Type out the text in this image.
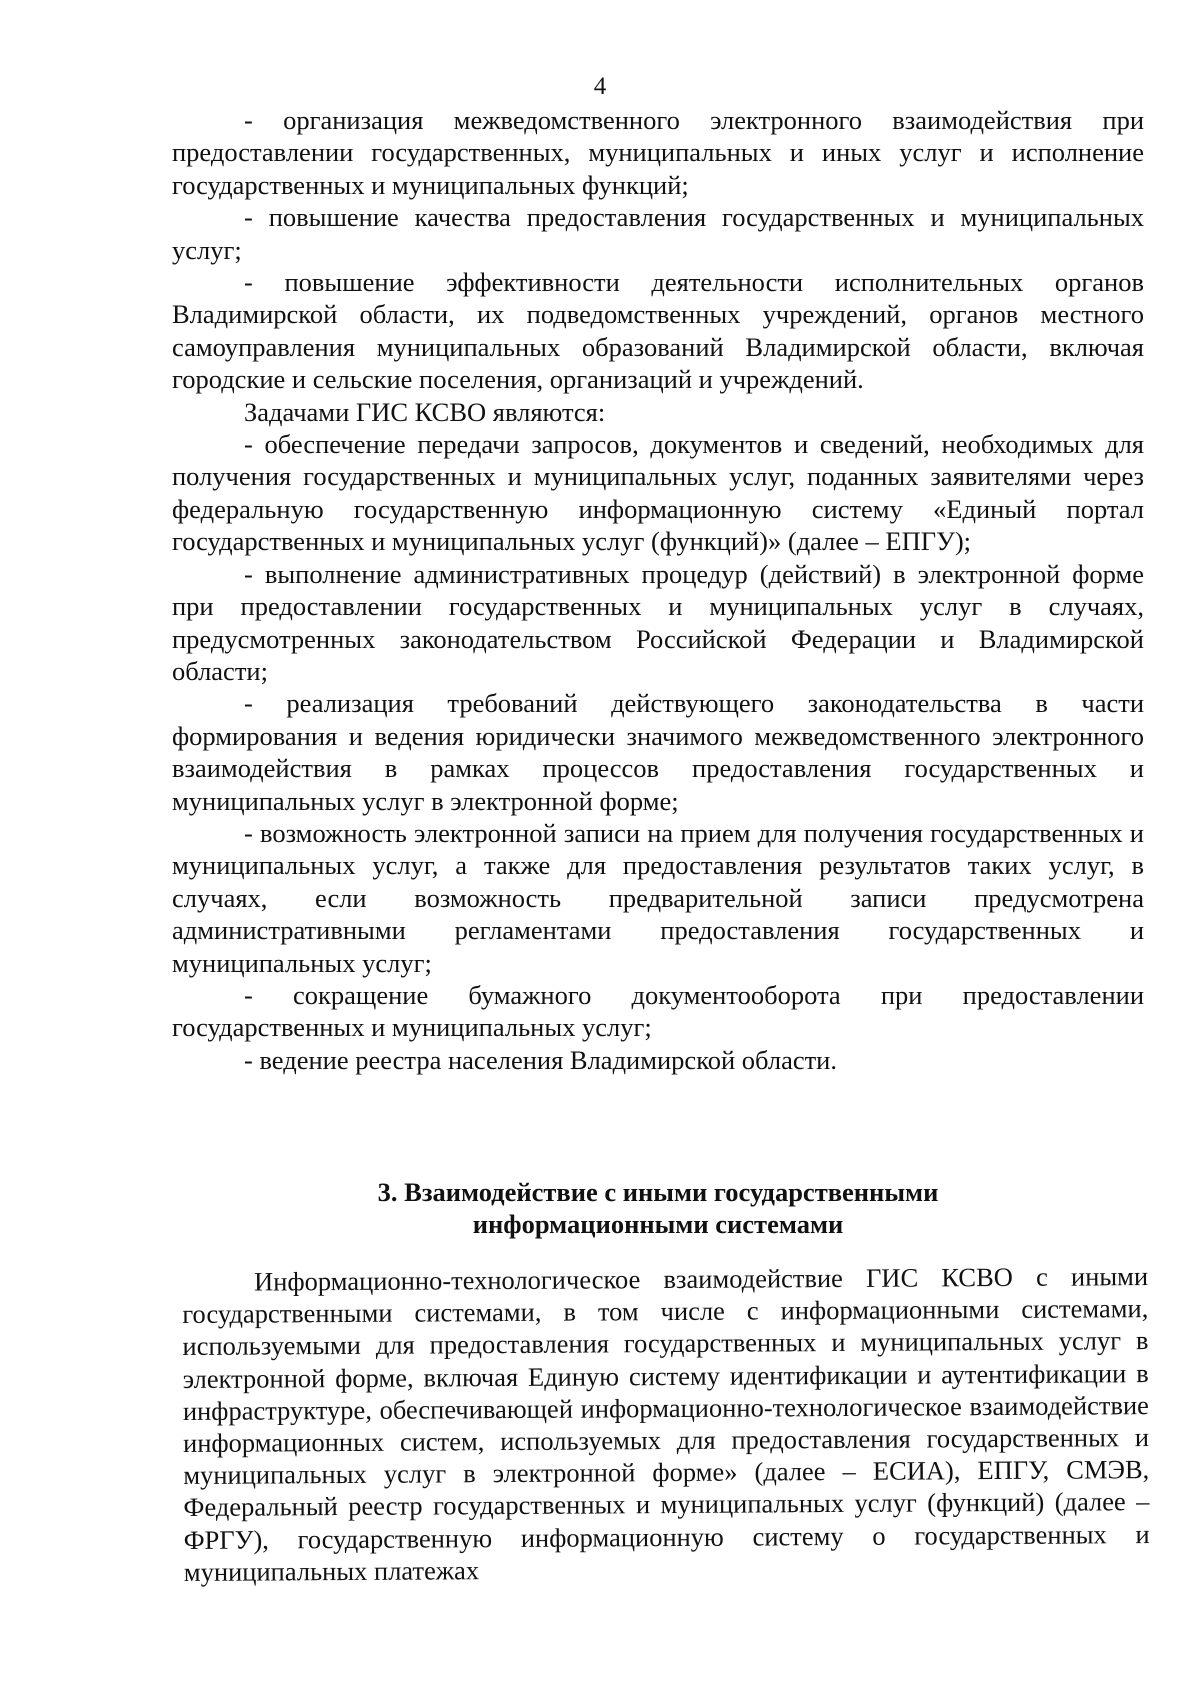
4

- организация межведомственного электронного взаимодействия при предоставлении государственных, муниципальных и иных услуг и исполнение государственных и муниципальных функций;

- повышение качества предоставления государственных и муниципальных услуг;

- повышение эффективности деятельности исполнительных органов Владимирской области, их подведомственных учреждений, органов местного самоуправления муниципальных образований Владимирской области, включая городские и сельские поселения, организаций и учреждений.

Задачами ГИС КСВО являются:

- обеспечение передачи запросов, документов и сведений, необходимых для получения государственных и муниципальных услуг, поданных заявителями через федеральную государственную информационную систему «Единый портал государственных и муниципальных услуг (функций)» (далее – ЕПГУ);

- выполнение административных процедур (действий) в электронной форме при предоставлении государственных и муниципальных услуг в случаях, предусмотренных законодательством Российской Федерации и Владимирской области;

- реализация требований действующего законодательства в части формирования и ведения юридически значимого межведомственного электронного взаимодействия в рамках процессов предоставления государственных и муниципальных услуг в электронной форме;

- возможность электронной записи на прием для получения государственных и муниципальных услуг, а также для предоставления результатов таких услуг, в случаях, если возможность предварительной записи предусмотрена административными регламентами предоставления государственных и муниципальных услуг;

- сокращение бумажного документооборота при предоставлении государственных и муниципальных услуг;

- ведение реестра населения Владимирской области.

3. Взаимодействие с иными государственными
информационными системами

Информационно-технологическое взаимодействие ГИС КСВО с иными государственными системами, в том числе с информационными системами, используемыми для предоставления государственных и муниципальных услуг в электронной форме, включая Единую систему идентификации и аутентификации в инфраструктуре, обеспечивающей информационно-технологическое взаимодействие информационных систем, используемых для предоставления государственных и муниципальных услуг в электронной форме» (далее – ЕСИА), ЕПГУ, СМЭВ, Федеральный реестр государственных и муниципальных услуг (функций) (далее – ФРГУ), государственную информационную систему о государственных и муниципальных платежах
